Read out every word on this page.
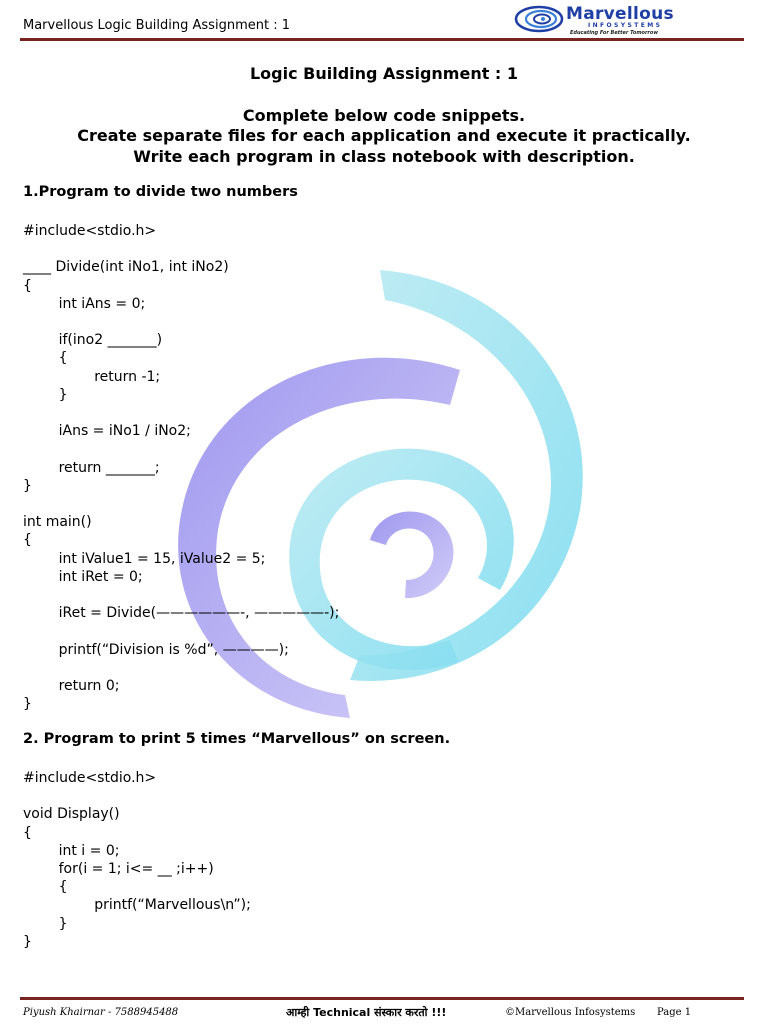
Marvellous Logic Building Assignment : 1
Marvellous
INFOSYSTEMS
Educating For Better Tomorrow
Logic Building Assignment : 1
Complete below code snippets.
Create separate files for each application and execute it practically.
Write each program in class notebook with description.
1.Program to divide two numbers
#include<stdio.h>

____ Divide(int iNo1, int iNo2)
{
int iAns = 0;

if(ino2 _______)
{
return -1;
}

iAns = iNo1 / iNo2;

return _______;
}

int main()
{
int iValue1 = 15, iValue2 = 5;
int iRet = 0;

iRet = Divide(——————-, —————-);

printf(“Division is %d”, ————);

return 0;
}
2. Program to print 5 times “Marvellous” on screen.
#include<stdio.h>

void Display()
{
int i = 0;
for(i = 1; i<= __ ;i++)
{
printf(“Marvellous\n”);
}
}
Piyush Khairnar - 7588945488	आम्ही Technical संस्कार करतो !!!	©Marvellous Infosystems Page 1
